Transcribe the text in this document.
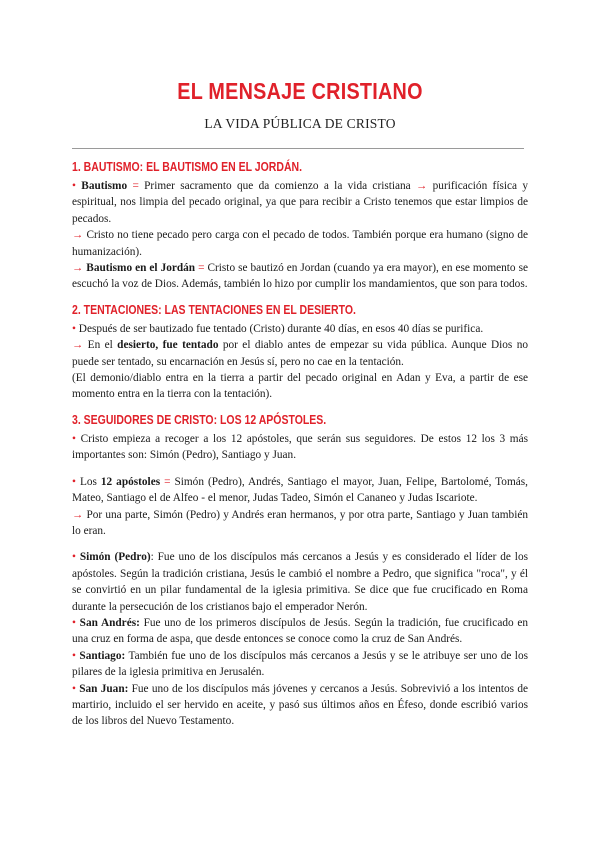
EL MENSAJE CRISTIANO
LA VIDA PÚBLICA DE CRISTO
1. BAUTISMO: EL BAUTISMO EN EL JORDÁN.

• Bautismo = Primer sacramento que da comienzo a la vida cristiana → purificación física y espiritual, nos limpia del pecado original, ya que para recibir a Cristo tenemos que estar limpios de pecados.

→ Cristo no tiene pecado pero carga con el pecado de todos. También porque era humano (signo de humanización).

→ Bautismo en el Jordán = Cristo se bautizó en Jordan (cuando ya era mayor), en ese momento se escuchó la voz de Dios. Además, también lo hizo por cumplir los mandamientos, que son para todos.

2. TENTACIONES: LAS TENTACIONES EN EL DESIERTO.

• Después de ser bautizado fue tentado (Cristo) durante 40 días, en esos 40 días se purifica.

→ En el desierto, fue tentado por el diablo antes de empezar su vida pública. Aunque Dios no puede ser tentado, su encarnación en Jesús sí, pero no cae en la tentación.

(El demonio/diablo entra en la tierra a partir del pecado original en Adan y Eva, a partir de ese momento entra en la tierra con la tentación).

3. SEGUIDORES DE CRISTO: LOS 12 APÓSTOLES.

• Cristo empieza a recoger a los 12 apóstoles, que serán sus seguidores. De estos 12 los 3 más importantes son: Simón (Pedro), Santiago y Juan.

• Los 12 apóstoles = Simón (Pedro), Andrés, Santiago el mayor, Juan, Felipe, Bartolomé, Tomás, Mateo, Santiago el de Alfeo - el menor, Judas Tadeo, Simón el Cananeo y Judas Iscariote.

→ Por una parte, Simón (Pedro) y Andrés eran hermanos, y por otra parte, Santiago y Juan también lo eran.

• Simón (Pedro): Fue uno de los discípulos más cercanos a Jesús y es considerado el líder de los apóstoles. Según la tradición cristiana, Jesús le cambió el nombre a Pedro, que significa "roca", y él se convirtió en un pilar fundamental de la iglesia primitiva. Se dice que fue crucificado en Roma durante la persecución de los cristianos bajo el emperador Nerón.

• San Andrés: Fue uno de los primeros discípulos de Jesús. Según la tradición, fue crucificado en una cruz en forma de aspa, que desde entonces se conoce como la cruz de San Andrés.

• Santiago: También fue uno de los discípulos más cercanos a Jesús y se le atribuye ser uno de los pilares de la iglesia primitiva en Jerusalén.

• San Juan: Fue uno de los discípulos más jóvenes y cercanos a Jesús. Sobrevivió a los intentos de martirio, incluido el ser hervido en aceite, y pasó sus últimos años en Éfeso, donde escribió varios de los libros del Nuevo Testamento.
